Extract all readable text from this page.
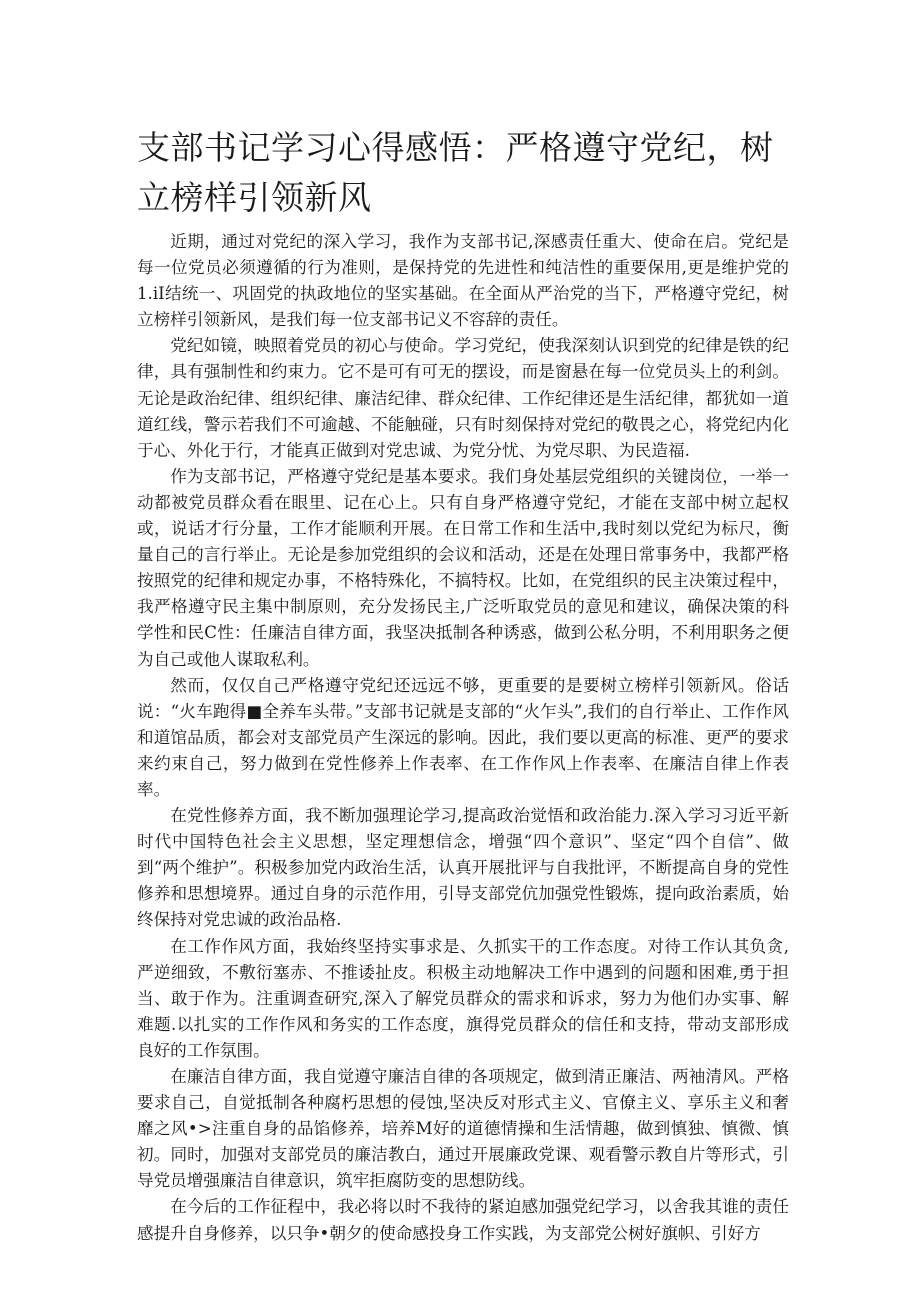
支部书记学习心得感悟：严格遵守党纪，树立榜样引领新风

近期，通过对党纪的深入学习，我作为支部书记,深感责任重大、使命在启。党纪是每一位党员必须遵循的行为准则，是保持党的先进性和纯洁性的重要保用,更是维护党的1.iI结统一、巩固党的执政地位的坚实基础。在全面从严治党的当下，严格遵守党纪，树立榜样引领新风，是我们每一位支部书记义不容辞的责任。

党纪如镜，映照着党员的初心与使命。学习党纪，使我深刻认识到党的纪律是铁的纪律，具有强制性和约束力。它不是可有可无的摆设，而是窗悬在每一位党员头上的利剑。无论是政治纪律、组织纪律、廉洁纪律、群众纪律、工作纪律还是生活纪律，都犹如一道道红线，警示若我们不可逾越、不能触碰，只有时刻保持对党纪的敬畏之心，将党纪内化于心、外化于行，才能真正做到对党忠诚、为党分忧、为党尽职、为民造福.

作为支部书记，严格遵守党纪是基本要求。我们身处基层党组织的关键岗位，一举一动都被党员群众看在眼里、记在心上。只有自身严格遵守党纪，才能在支部中树立起权或，说话才行分量，工作才能顺利开展。在日常工作和生活中,我时刻以党纪为标尺，衡量自己的言行举止。无论是参加党组织的会议和活动，还是在处理日常事务中，我都严格按照党的纪律和规定办事，不格特殊化，不搞特权。比如，在党组织的民主决策过程中，我严格遵守民主集中制原则，充分发扬民主,广泛听取党员的意见和建议，确保决策的科学性和民C性：任廉洁自律方面，我坚决抵制各种诱惑，做到公私分明，不利用职务之便为自己或他人谋取私利。

然而，仅仅自己严格遵守党纪还远远不够，更重要的是要树立榜样引领新风。俗话说：“火车跑得■全养车头带。”支部书记就是支部的“火乍头”,我们的自行举止、工作作风和道馆品质，都会对支部党员产生深远的影响。因此，我们要以更高的标准、更严的要求来约束自己，努力做到在党性修养上作表率、在工作作风上作表率、在廉洁自律上作表率。

在党性修养方面，我不断加强理论学习,提高政治觉悟和政治能力.深入学习习近平新时代中国特色社会主义思想，坚定理想信念，增强“四个意识”、坚定“四个自信”、做到“两个维护”。积极参加党内政治生活，认真开展批评与自我批评，不断提高自身的党性修养和思想境界。通过自身的示范作用，引导支部党伉加强党性锻炼，提向政治素质，始终保持对党忠诚的政治品格.

在工作作风方面，我始终坚持实事求是、久抓实干的工作态度。对待工作认其负贪,严逆细致，不敷衍塞赤、不推诿扯皮。积极主动地解决工作中遇到的问题和困难,勇于担当、敢于作为。注重调查研究,深入了解党员群众的需求和诉求，努力为他们办实事、解难题.以扎实的工作作风和务实的工作态度，旗得党员群众的信任和支持，带动支部形成良好的工作氛围。

在廉洁自律方面，我自觉遵守廉洁自律的各项规定，做到清正廉洁、两袖清风。严格要求自己，自觉抵制各种腐朽思想的侵蚀,坚决反对形式主义、官僚主义、享乐主义和奢靡之风•>注重自身的品馅修养，培养M好的道德情操和生活情趣，做到慎独、慎微、慎初。同时，加强对支部党员的廉洁教白，通过开展廉政党课、观看警示教自片等形式，引导党员增强廉洁自律意识，筑牢拒腐防变的思想防线。

在今后的工作征程中，我必将以时不我待的紧迫感加强党纪学习，以舍我其谁的责任感提升自身修养，以只争•朝夕的使命感投身工作实践，为支部党公树好旗帜、引好方
